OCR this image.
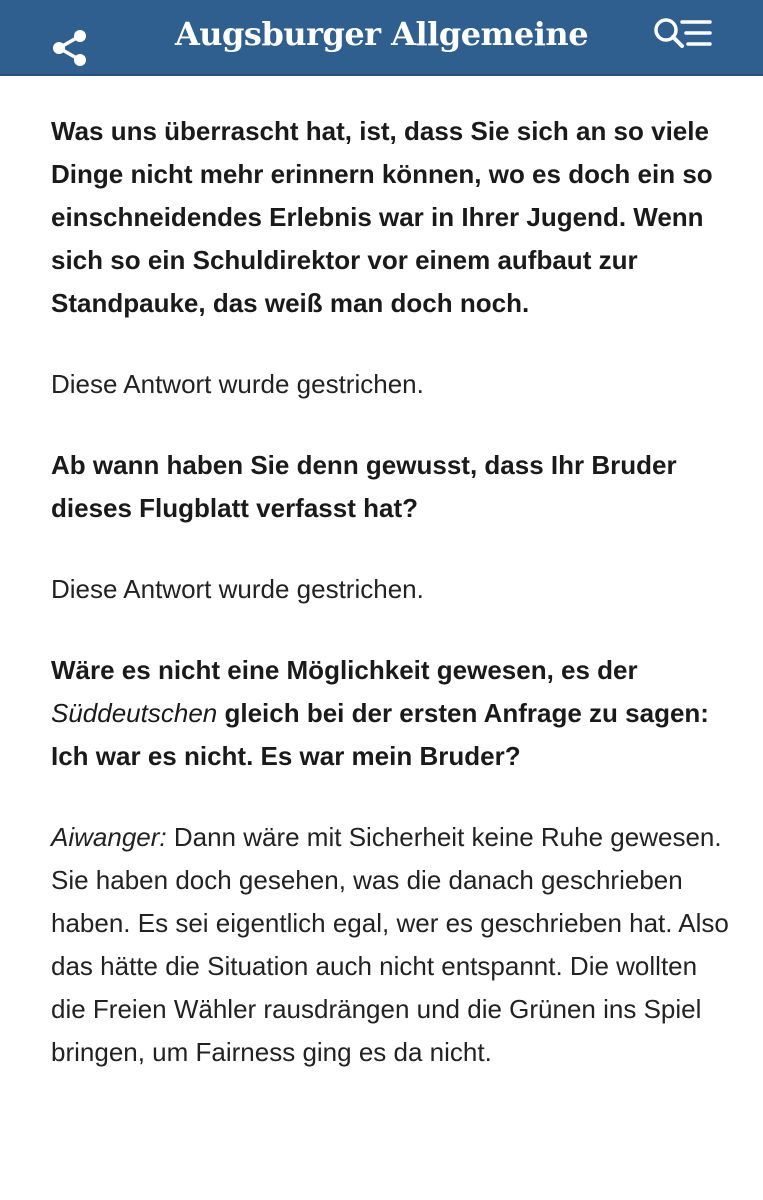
Augsburger Allgemeine

Was uns überrascht hat, ist, dass Sie sich an so viele Dinge nicht mehr erinnern können, wo es doch ein so einschneidendes Erlebnis war in Ihrer Jugend. Wenn sich so ein Schuldirektor vor einem aufbaut zur Standpauke, das weiß man doch noch.

Diese Antwort wurde gestrichen.

Ab wann haben Sie denn gewusst, dass Ihr Bruder dieses Flugblatt verfasst hat?

Diese Antwort wurde gestrichen.

Wäre es nicht eine Möglichkeit gewesen, es der Süddeutschen gleich bei der ersten Anfrage zu sagen: Ich war es nicht. Es war mein Bruder?

Aiwanger: Dann wäre mit Sicherheit keine Ruhe gewesen. Sie haben doch gesehen, was die danach geschrieben haben. Es sei eigentlich egal, wer es geschrieben hat. Also das hätte die Situation auch nicht entspannt. Die wollten die Freien Wähler rausdrängen und die Grünen ins Spiel bringen, um Fairness ging es da nicht.
